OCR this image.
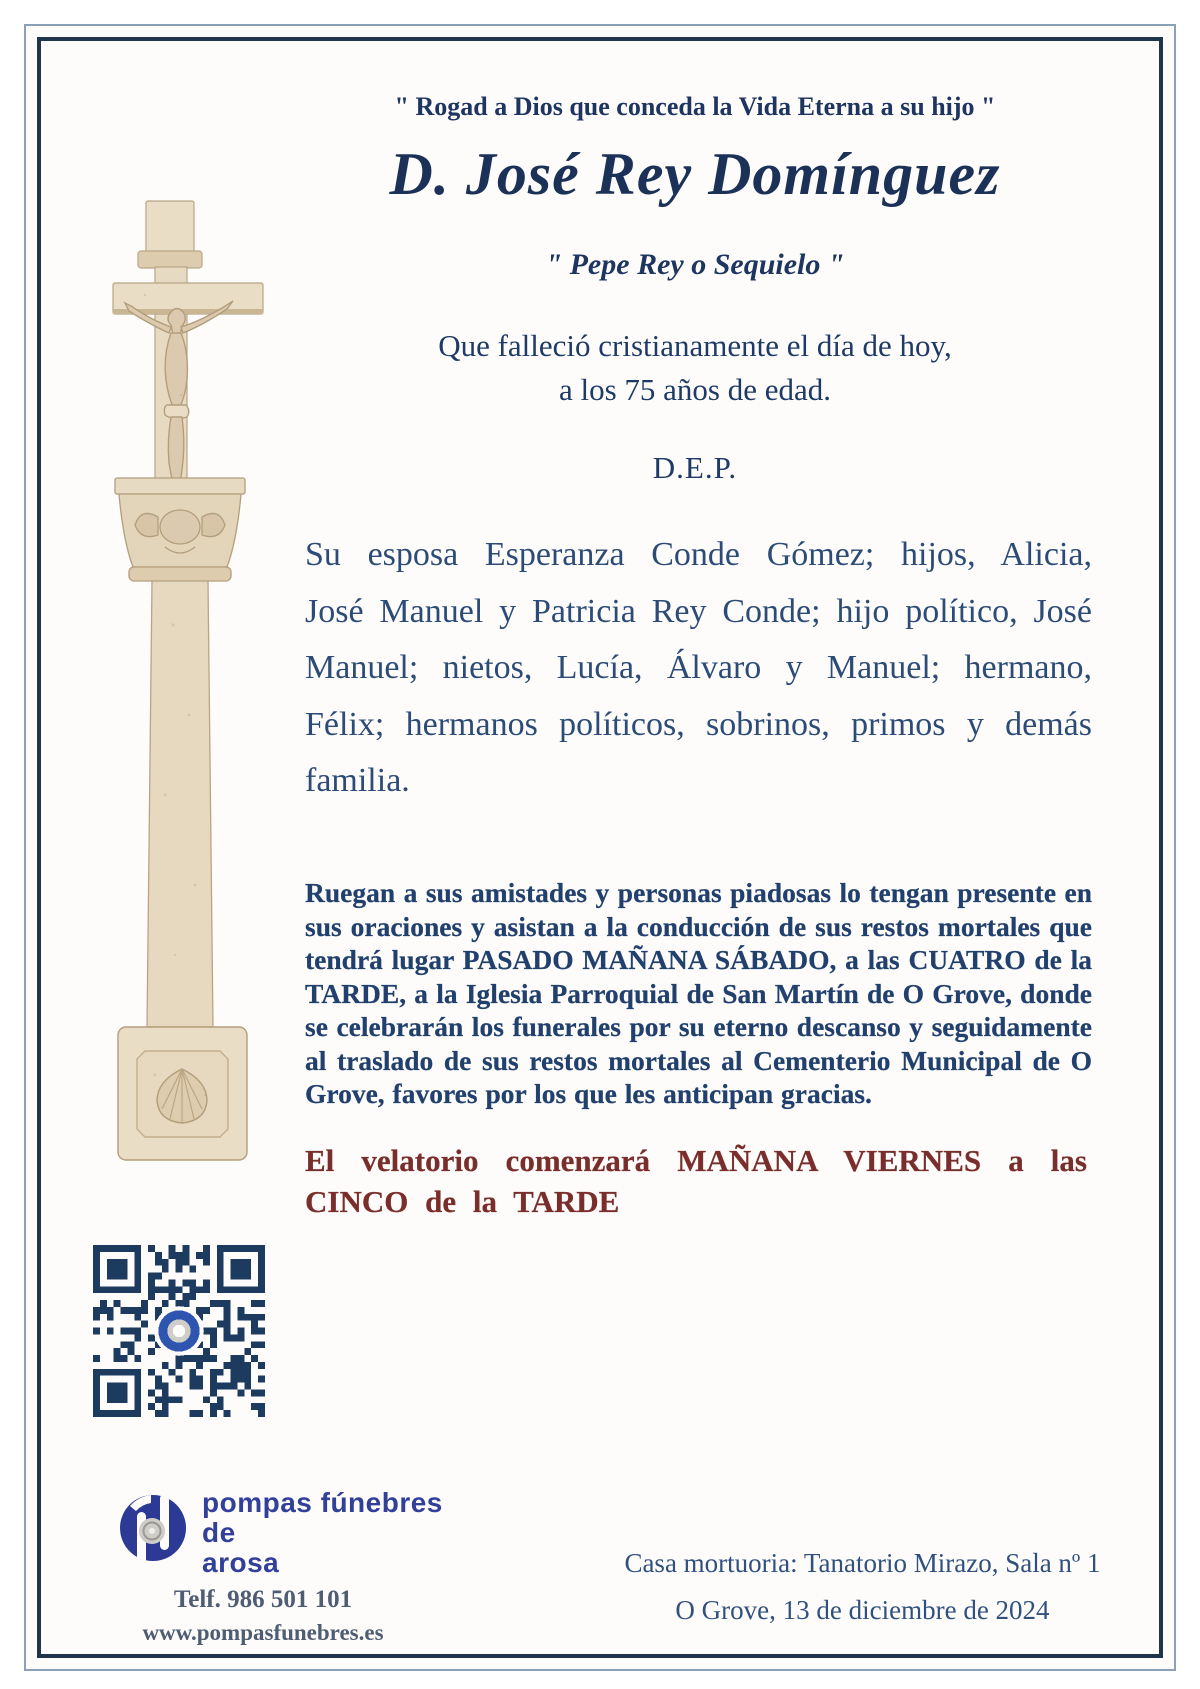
" Rogad a Dios que conceda la Vida Eterna a su hijo "
D. José Rey Domínguez
" Pepe Rey o Sequielo "
Que falleció cristianamente el día de hoy,
a los 75 años de edad.
D.E.P.
Su esposa Esperanza Conde Gómez; hijos, Alicia, José Manuel y Patricia Rey Conde; hijo político, José Manuel; nietos, Lucía, Álvaro y Manuel; hermano, Félix; hermanos políticos, sobrinos, primos y demás familia.
Ruegan a sus amistades y personas piadosas lo tengan presente en sus oraciones y asistan a la conducción de sus restos mortales que tendrá lugar PASADO MAÑANA SÁBADO, a las CUATRO de la TARDE, a la Iglesia Parroquial de San Martín de O Grove, donde se celebrarán los funerales por su eterno descanso y seguidamente al traslado de sus restos mortales al Cementerio Municipal de O Grove, favores por los que les anticipan gracias.
El velatorio comenzará MAÑANA VIERNES a las CINCO de la TARDE
pompas fúnebres
de
arosa
Telf. 986 501 101
www.pompasfunebres.es
Casa mortuoria: Tanatorio Mirazo, Sala nº 1
O Grove, 13 de diciembre de 2024
